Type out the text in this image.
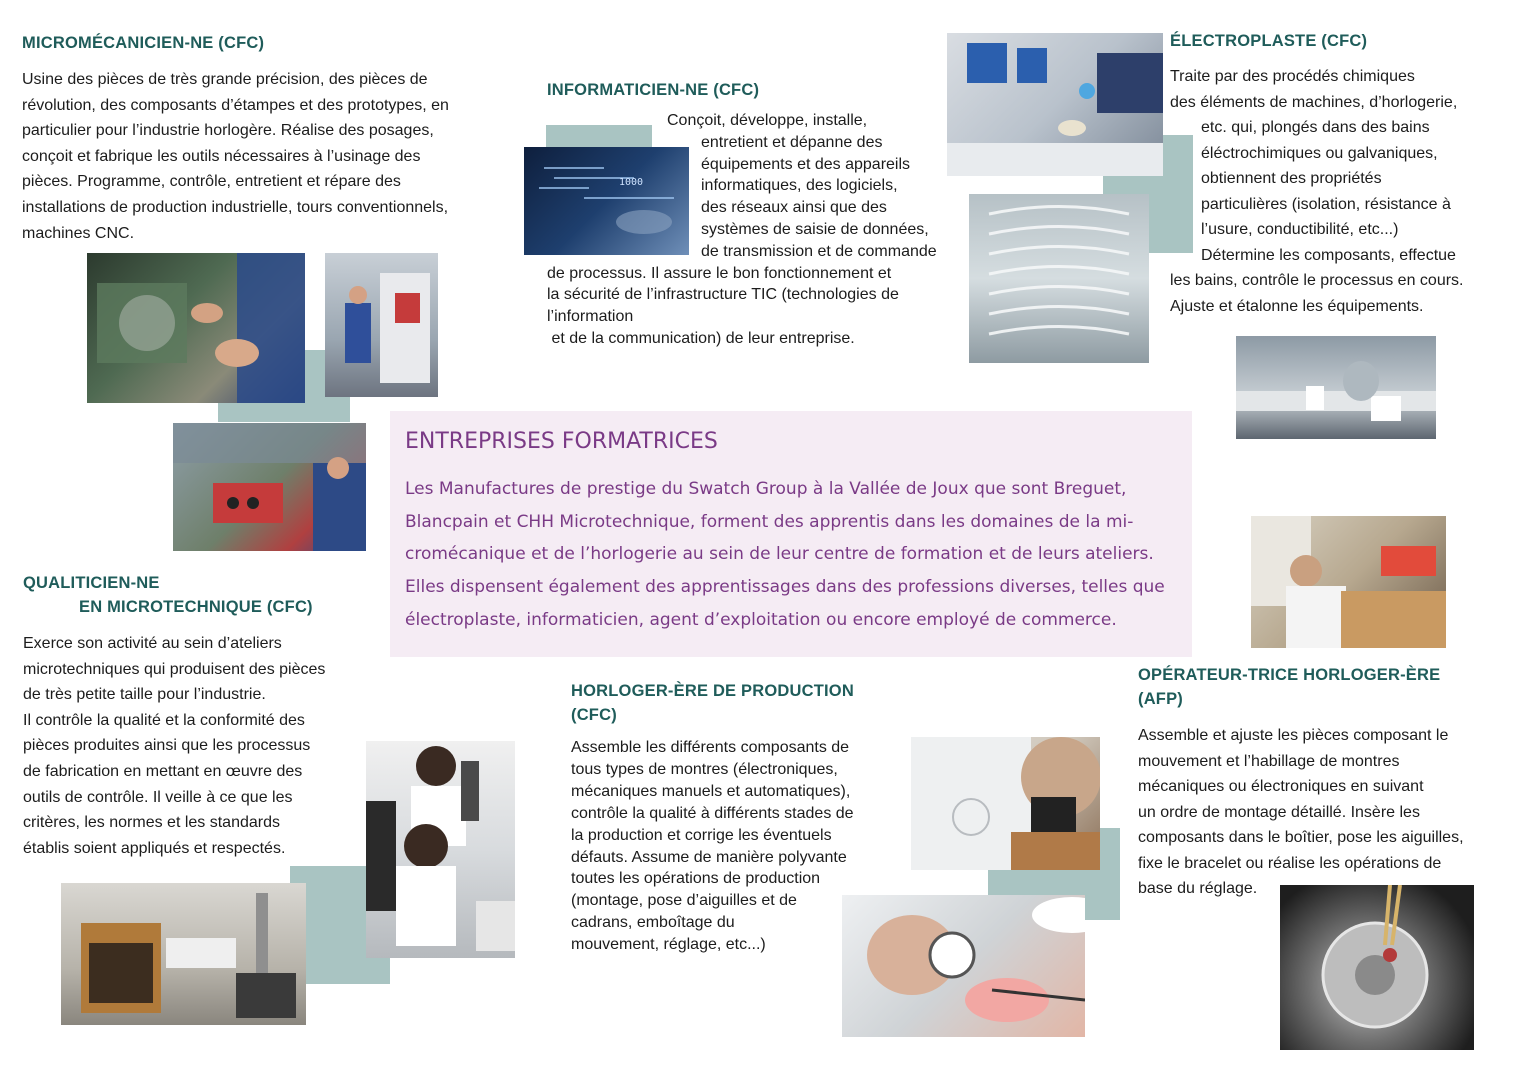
MICROMÉCANICIEN-NE (CFC)

Usine des pièces de très grande précision, des pièces de

révolution, des composants d’étampes et des prototypes, en

particulier pour l’industrie horlogère. Réalise des posages,

conçoit et fabrique les outils nécessaires à l’usinage des

pièces. Programme, contrôle, entretient et répare des

installations de production industrielle, tours conventionnels,

machines CNC.

INFORMATICIEN-NE (CFC)
1000

Conçoit, développe, installe,

entretient et dépanne des

équipements et des appareils

informatiques, des logiciels,

des réseaux ainsi que des

systèmes de saisie de données,

de transmission et de commande

de processus. Il assure le bon fonctionnement et

la sécurité de l’infrastructure TIC (technologies de

l’information

et de la communication) de leur entreprise.

ÉLECTROPLASTE (CFC)

Traite par des procédés chimiques

des éléments de machines, d’horlogerie,

etc. qui, plongés dans des bains

éléctrochimiques ou galvaniques,

obtiennent des propriétés

particulières (isolation, résistance à

l’usure, conductibilité, etc...)

Détermine les composants, effectue

les bains, contrôle le processus en cours.

Ajuste et étalonne les équipements.

ENTREPRISES FORMATRICES

Les Manufactures de prestige du Swatch Group à la Vallée de Joux que sont Breguet,

Blancpain et CHH Microtechnique, forment des apprentis dans les domaines de la mi-

cromécanique et de l’horlogerie au sein de leur centre de formation et de leurs ateliers.

Elles dispensent également des apprentissages dans des professions diverses, telles que

électroplaste, informaticien, agent d’exploitation ou encore employé de commerce.

QUALITICIEN-NE
EN MICROTECHNIQUE (CFC)

Exerce son activité au sein d’ateliers

microtechniques qui produisent des pièces

de très petite taille pour l’industrie.

Il contrôle la qualité et la conformité des

pièces produites ainsi que les processus

de fabrication en mettant en œuvre des

outils de contrôle. Il veille à ce que les

critères, les normes et les standards

établis soient appliqués et respectés.

HORLOGER-ÈRE DE PRODUCTION
(CFC)

Assemble les différents composants de

tous types de montres (électroniques,

mécaniques manuels et automatiques),

contrôle la qualité à différents stades de

la production et corrige les éventuels

défauts. Assume de manière polyvante

toutes les opérations de production

(montage, pose d’aiguilles et de

cadrans, emboîtage du

mouvement, réglage, etc...)

OPÉRATEUR-TRICE HORLOGER-ÈRE
(AFP)

Assemble et ajuste les pièces composant le

mouvement et l’habillage de montres

mécaniques ou électroniques en suivant

un ordre de montage détaillé. Insère les

composants dans le boîtier, pose les aiguilles,

fixe le bracelet ou réalise les opérations de

base du réglage.
